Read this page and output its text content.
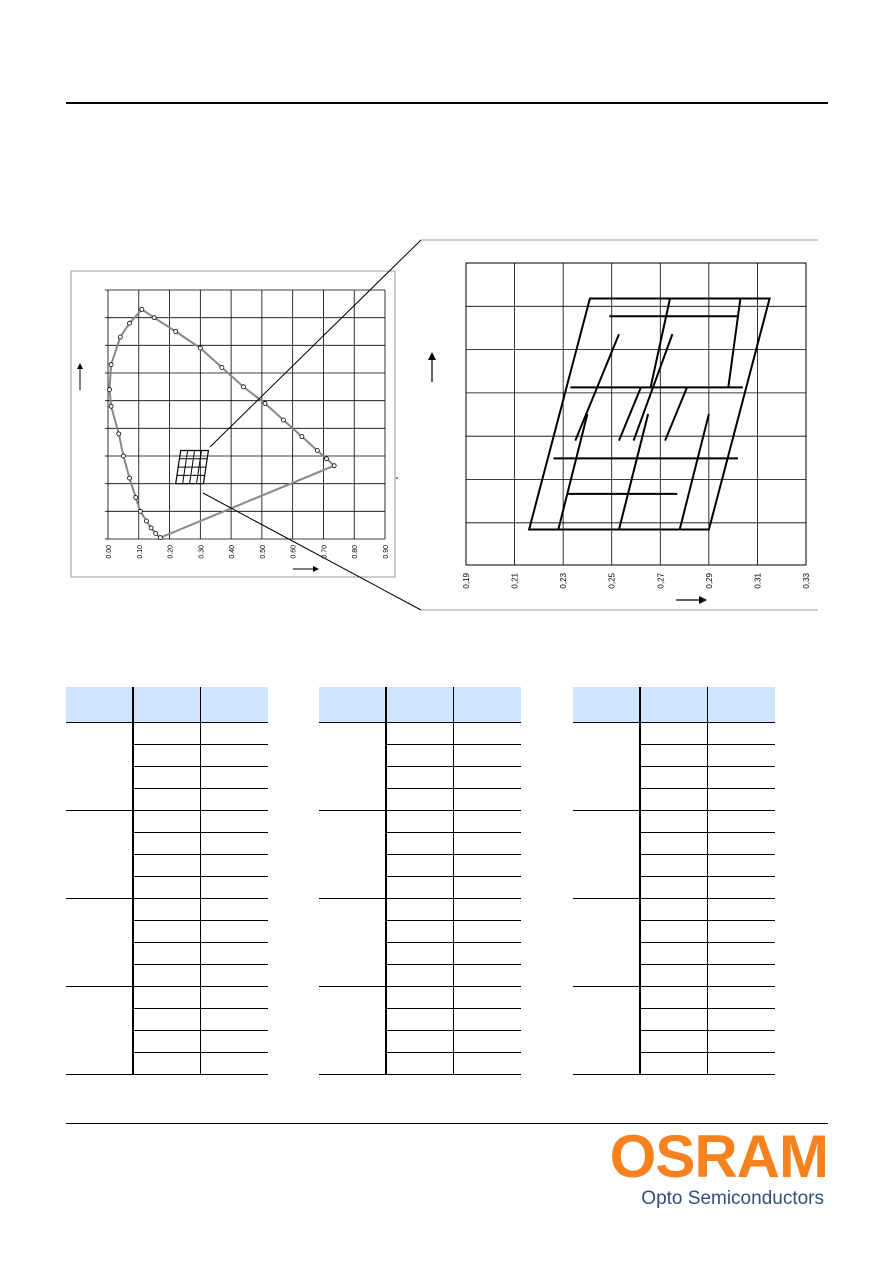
0.00	0.10	0.20	0.30	0.40	0.50	0.60	0.70	0.80	0.90
0,19	0,21	0,23	0,25	0,27	0,29	0,31	0,33

OSRAM
Opto Semiconductors
